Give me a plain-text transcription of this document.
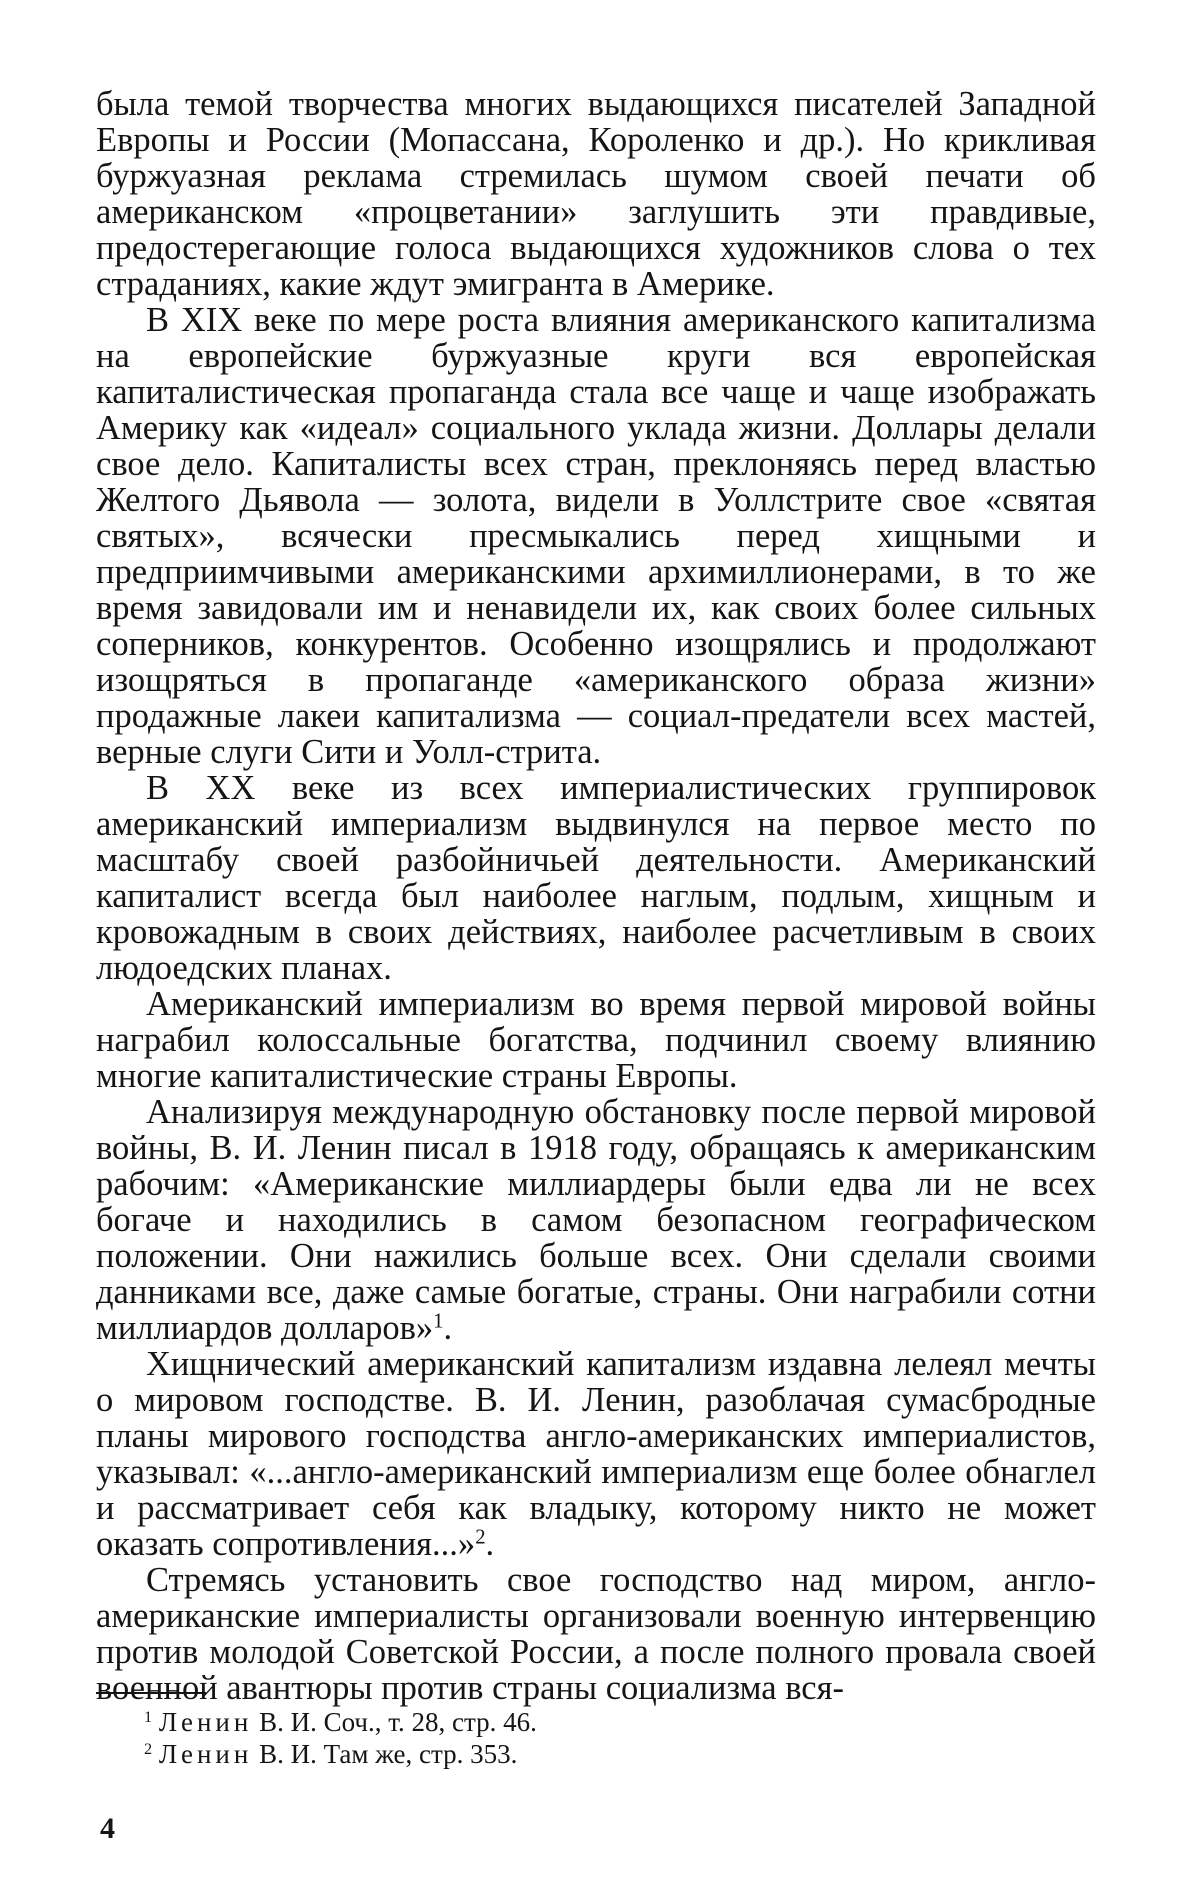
была темой творчества многих выдающихся писателей Западной Европы и России (Мопассана, Короленко и др.). Но крикливая буржуазная реклама стремилась шумом своей печати об американском «процветании» заглушить эти правдивые, предостерегающие голоса выдающихся художников слова о тех страданиях, какие ждут эмигранта в Америке.

В XIX веке по мере роста влияния американского капитализма на европейские буржуазные круги вся европейская капиталистическая пропаганда стала все чаще и чаще изображать Америку как «идеал» социального уклада жизни. Доллары делали свое дело. Капиталисты всех стран, преклоняясь перед властью Желтого Дьявола — золота, видели в Уоллстрите свое «святая святых», всячески пресмыкались перед хищными и предприимчивыми американскими архимиллионерами, в то же время завидовали им и ненавидели их, как своих более сильных соперников, конкурентов. Особенно изощрялись и продолжают изощряться в пропаганде «американского образа жизни» продажные лакеи капитализма — социал-предатели всех мастей, верные слуги Сити и Уолл-стрита.

В XX веке из всех империалистических группировок американский империализм выдвинулся на первое место по масштабу своей разбойничьей деятельности. Американский капиталист всегда был наиболее наглым, подлым, хищным и кровожадным в своих действиях, наиболее расчетливым в своих людоедских планах.

Американский империализм во время первой мировой войны награбил колоссальные богатства, подчинил своему влиянию многие капиталистические страны Европы.

Анализируя международную обстановку после первой мировой войны, В. И. Ленин писал в 1918 году, обращаясь к американским рабочим: «Американские миллиардеры были едва ли не всех богаче и находились в самом безопасном географическом положении. Они нажились больше всех. Они сделали своими данниками все, даже самые богатые, страны. Они награбили сотни миллиардов долларов»$^1$.

Хищнический американский капитализм издавна лелеял мечты о мировом господстве. В. И. Ленин, разоблачая сумасбродные планы мирового господства англо-американских империалистов, указывал: «...англо-американский империализм еще более обнаглел и рассматривает себя как владыку, которому никто не может оказать сопротивления...»$^2$.

Стремясь установить свое господство над миром, англо-американские империалисты организовали военную интервенцию против молодой Советской России, а после полного провала своей военной авантюры против страны социализма вся-

$^1$ Ленин В. И. Соч., т. 28, стр. 46.
$^2$ Ленин В. И. Там же, стр. 353.
4
